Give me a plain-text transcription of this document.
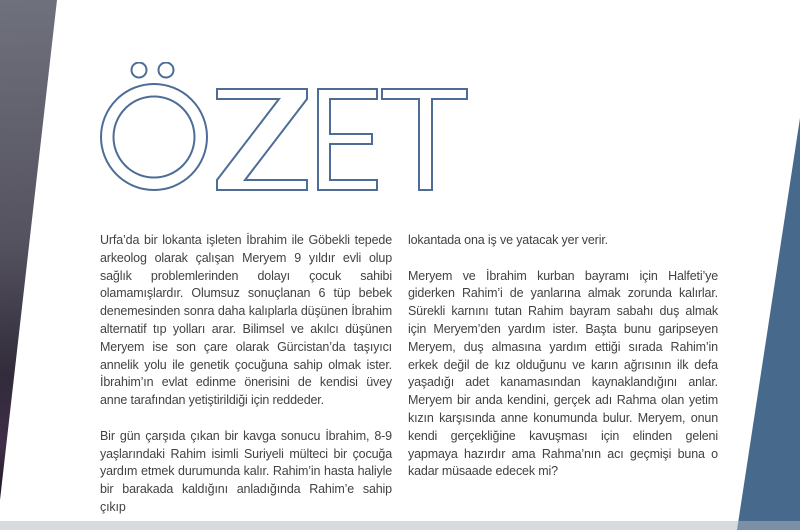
Urfa’da bir lokanta işleten İbrahim ile Göbekli tepede arkeolog olarak çalışan Meryem 9 yıldır evli olup sağlık problemlerinden dolayı çocuk sahibi olamamışlardır. Olumsuz sonuçlanan 6 tüp bebek denemesinden sonra daha kalıplarla düşünen İbrahim alternatif tıp yolları arar. Bilimsel ve akılcı düşünen Meryem ise son çare olarak Gürcistan’da taşıyıcı annelik yolu ile genetik çocuğuna sahip olmak ister. İbrahim’ın evlat edinme önerisini de kendisi üvey anne tarafından yetiştirildiği için reddeder.

Bir gün çarşıda çıkan bir kavga sonucu İbrahim, 8-9 yaşlarındaki Rahim isimli Suriyeli mülteci bir çocuğa yardım etmek durumunda kalır. Rahim’in hasta haliyle bir barakada kaldığını anladığında Rahim’e sahip çıkıp

lokantada ona iş ve yatacak yer verir.

Meryem ve İbrahim kurban bayramı için Halfeti’ye giderken Rahim’i de yanlarına almak zorunda kalırlar. Sürekli karnını tutan Rahim bayram sabahı duş almak için Meryem’den yardım ister. Başta bunu garipseyen Meryem, duş almasına yardım ettiği sırada Rahim’in erkek değil de kız olduğunu ve karın ağrısının ilk defa yaşadığı adet kanamasından kaynaklandığını anlar. Meryem bir anda kendini, gerçek adı Rahma olan yetim kızın karşısında anne konumunda bulur. Meryem, onun kendi gerçekliğine kavuşması için elinden geleni yapmaya hazırdır ama Rahma’nın acı geçmişi buna o kadar müsaade edecek mi?
